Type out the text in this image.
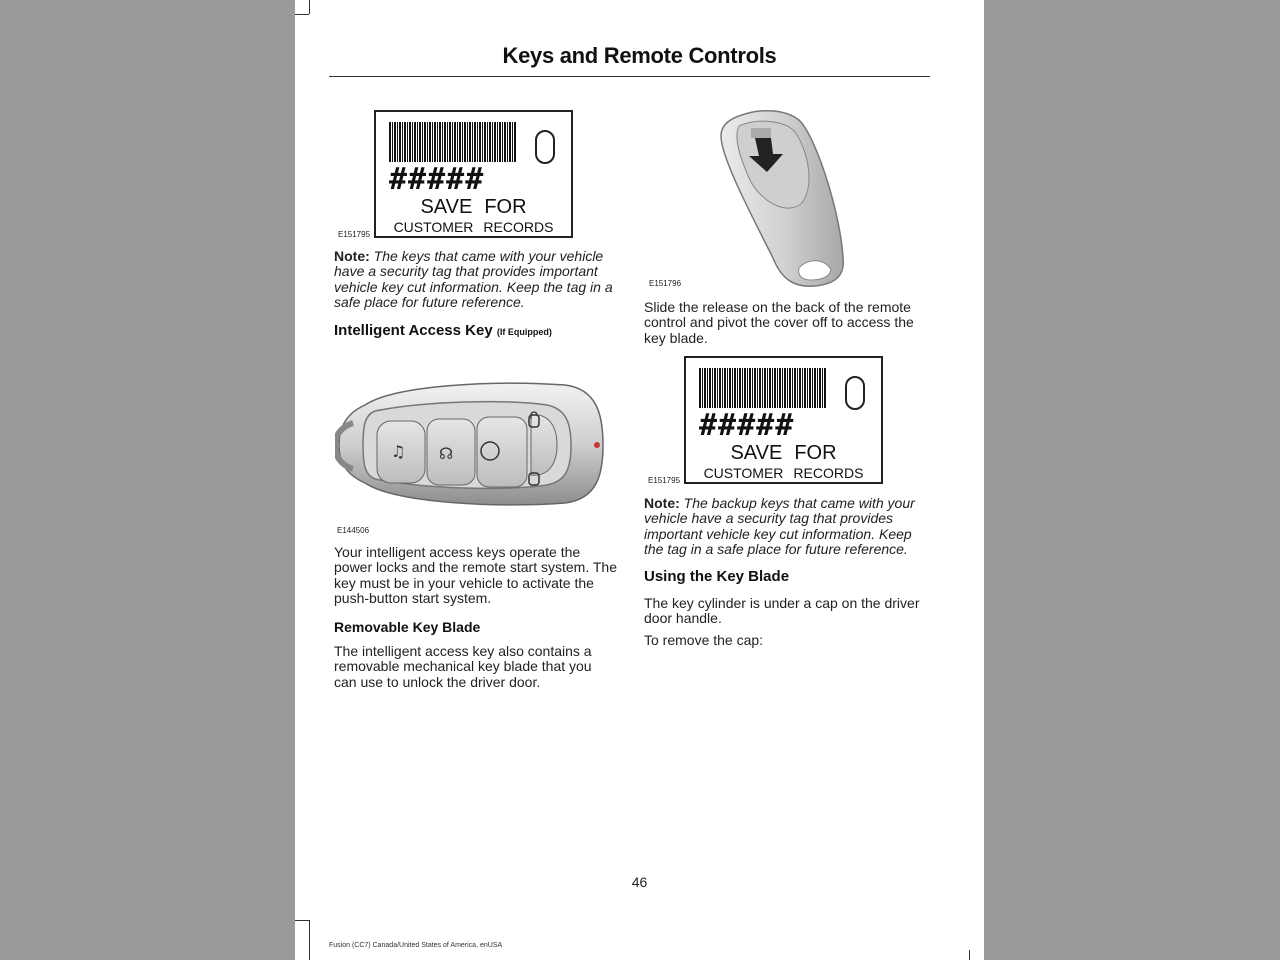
Keys and Remote Controls
E151795
#####
SAVE FOR
CUSTOMER RECORDS
Note: The keys that came with your vehicle have a security tag that provides important vehicle key cut information. Keep the tag in a safe place for future reference.
Intelligent Access Key (If Equipped)
♫ ☊
E144506
Your intelligent access keys operate the power locks and the remote start system. The key must be in your vehicle to activate the push-button start system.
Removable Key Blade
The intelligent access key also contains a removable mechanical key blade that you can use to unlock the driver door.
E151796
Slide the release on the back of the remote control and pivot the cover off to access the key blade.
E151795
#####
SAVE FOR
CUSTOMER RECORDS
Note: The backup keys that came with your vehicle have a security tag that provides important vehicle key cut information. Keep the tag in a safe place for future reference.
Using the Key Blade
The key cylinder is under a cap on the driver door handle.
To remove the cap:
46
Fusion (CC7) Canada/United States of America, enUSA
